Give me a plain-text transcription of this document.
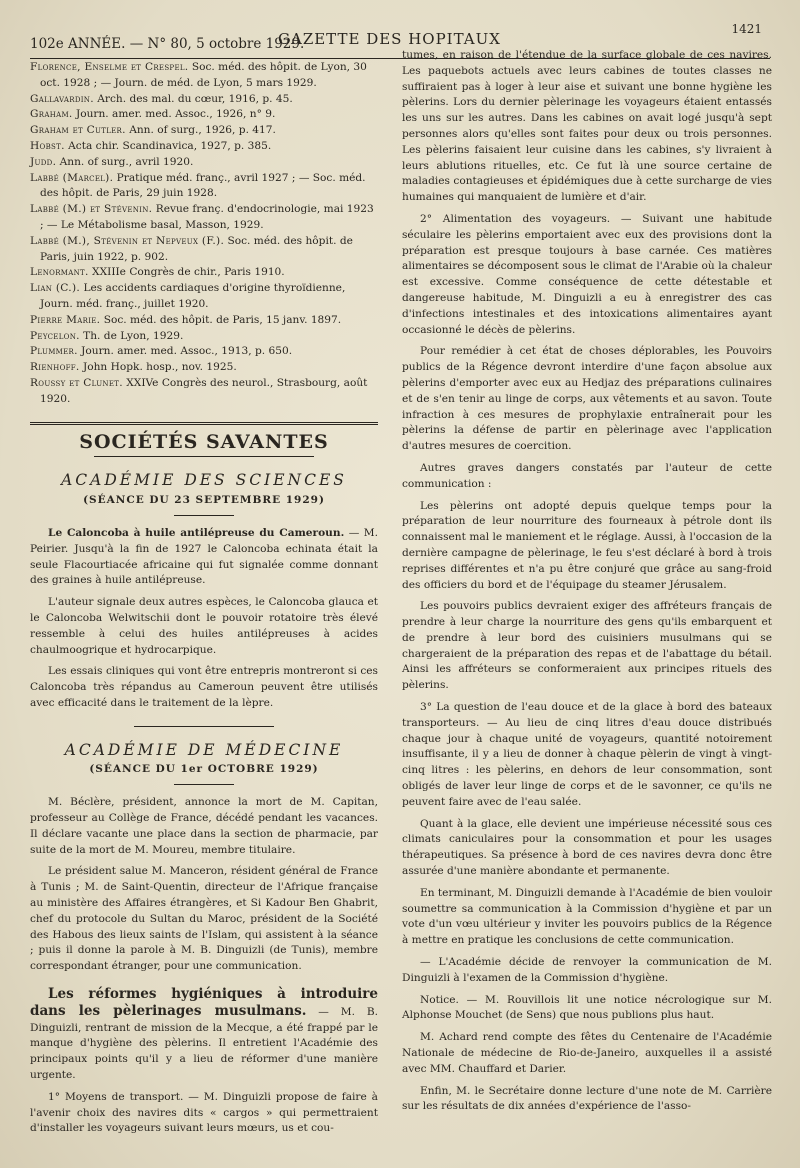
102e ANNÉE. — N° 80, 5 octobre 1929.
GAZETTE DES HOPITAUX
1421

Florence, Enselme et Crespel. Soc. méd. des hôpit. de Lyon, 30 oct. 1928 ; — Journ. de méd. de Lyon, 5 mars 1929.

Gallavardin. Arch. des mal. du cœur, 1916, p. 45.

Graham. Journ. amer. med. Assoc., 1926, n° 9.

Graham et Cutler. Ann. of surg., 1926, p. 417.

Hobst. Acta chir. Scandinavica, 1927, p. 385.

Judd. Ann. of surg., avril 1920.

Labbé (Marcel). Pratique méd. franç., avril 1927 ; — Soc. méd. des hôpit. de Paris, 29 juin 1928.

Labbé (M.) et Stévenin. Revue franç. d'endocrinologie, mai 1923 ; — Le Métabolisme basal, Masson, 1929.

Labbé (M.), Stévenin et Nepveux (F.). Soc. méd. des hôpit. de Paris, juin 1922, p. 902.

Lenormant. XXIIIe Congrès de chir., Paris 1910.

Lian (C.). Les accidents cardiaques d'origine thyroïdienne, Journ. méd. franç., juillet 1920.

Pierre Marie. Soc. méd. des hôpit. de Paris, 15 janv. 1897.

Peycelon. Th. de Lyon, 1929.

Plummer. Journ. amer. med. Assoc., 1913, p. 650.

Rienhoff. John Hopk. hosp., nov. 1925.

Roussy et Clunet. XXIVe Congrès des neurol., Strasbourg, août 1920.

SOCIÉTÉS SAVANTES
ACADÉMIE DES SCIENCES
(SÉANCE DU 23 SEPTEMBRE 1929)

Le Caloncoba à huile antilépreuse du Cameroun. — M. Peirier. Jusqu'à la fin de 1927 le Caloncoba echinata était la seule Flacourtiacée africaine qui fut signalée comme donnant des graines à huile antilépreuse.

L'auteur signale deux autres espèces, le Caloncoba glauca et le Caloncoba Welwitschii dont le pouvoir rotatoire très élevé ressemble à celui des huiles antilépreuses à acides chaulmoogrique et hydrocarpique.

Les essais cliniques qui vont être entrepris montreront si ces Caloncoba très répandus au Cameroun peuvent être utilisés avec efficacité dans le traitement de la lèpre.

ACADÉMIE DE MÉDECINE
(SÉANCE DU 1er OCTOBRE 1929)

M. Béclère, président, annonce la mort de M. Capitan, professeur au Collège de France, décédé pendant les vacances. Il déclare vacante une place dans la section de pharmacie, par suite de la mort de M. Moureu, membre titulaire.

Le président salue M. Manceron, résident général de France à Tunis ; M. de Saint-Quentin, directeur de l'Afrique française au ministère des Affaires étrangères, et Si Kadour Ben Ghabrit, chef du protocole du Sultan du Maroc, président de la Société des Habous des lieux saints de l'Islam, qui assistent à la séance ; puis il donne la parole à M. B. Dinguizli (de Tunis), membre correspondant étranger, pour une communication.

Les réformes hygiéniques à introduire dans les pèlerinages musulmans. — M. B. Dinguizli, rentrant de mission de la Mecque, a été frappé par le manque d'hygiène des pèlerins. Il entretient l'Académie des principaux points qu'il y a lieu de réformer d'une manière urgente.

1° Moyens de transport. — M. Dinguizli propose de faire à l'avenir choix des navires dits « cargos » qui permettraient d'installer les voyageurs suivant leurs mœurs, us et cou-

tumes, en raison de l'étendue de la surface globale de ces navires. Les paquebots actuels avec leurs cabines de toutes classes ne suffiraient pas à loger à leur aise et suivant une bonne hygiène les pèlerins. Lors du dernier pèlerinage les voyageurs étaient entassés les uns sur les autres. Dans les cabines on avait logé jusqu'à sept personnes alors qu'elles sont faites pour deux ou trois personnes. Les pèlerins faisaient leur cuisine dans les cabines, s'y livraient à leurs ablutions rituelles, etc. Ce fut là une source certaine de maladies contagieuses et épidémiques due à cette surcharge de vies humaines qui manquaient de lumière et d'air.

2° Alimentation des voyageurs. — Suivant une habitude séculaire les pèlerins emportaient avec eux des provisions dont la préparation est presque toujours à base carnée. Ces matières alimentaires se décomposent sous le climat de l'Arabie où la chaleur est excessive. Comme conséquence de cette détestable et dangereuse habitude, M. Dinguizli a eu à enregistrer des cas d'infections intestinales et des intoxications alimentaires ayant occasionné le décès de pèlerins.

Pour remédier à cet état de choses déplorables, les Pouvoirs publics de la Régence devront interdire d'une façon absolue aux pèlerins d'emporter avec eux au Hedjaz des préparations culinaires et de s'en tenir au linge de corps, aux vêtements et au savon. Toute infraction à ces mesures de prophylaxie entraînerait pour les pèlerins la défense de partir en pèlerinage avec l'application d'autres mesures de coercition.

Autres graves dangers constatés par l'auteur de cette communication :

Les pèlerins ont adopté depuis quelque temps pour la préparation de leur nourriture des fourneaux à pétrole dont ils connaissent mal le maniement et le réglage. Aussi, à l'occasion de la dernière campagne de pèlerinage, le feu s'est déclaré à bord à trois reprises différentes et n'a pu être conjuré que grâce au sang-froid des officiers du bord et de l'équipage du steamer Jérusalem.

Les pouvoirs publics devraient exiger des affréteurs français de prendre à leur charge la nourriture des gens qu'ils embarquent et de prendre à leur bord des cuisiniers musulmans qui se chargeraient de la préparation des repas et de l'abattage du bétail. Ainsi les affréteurs se conformeraient aux principes rituels des pèlerins.

3° La question de l'eau douce et de la glace à bord des bateaux transporteurs. — Au lieu de cinq litres d'eau douce distribués chaque jour à chaque unité de voyageurs, quantité notoirement insuffisante, il y a lieu de donner à chaque pèlerin de vingt à vingt-cinq litres : les pèlerins, en dehors de leur consommation, sont obligés de laver leur linge de corps et de le savonner, ce qu'ils ne peuvent faire avec de l'eau salée.

Quant à la glace, elle devient une impérieuse nécessité sous ces climats caniculaires pour la consommation et pour les usages thérapeutiques. Sa présence à bord de ces navires devra donc être assurée d'une manière abondante et permanente.

En terminant, M. Dinguizli demande à l'Académie de bien vouloir soumettre sa communication à la Commission d'hygiène et par un vote d'un vœu ultérieur y inviter les pouvoirs publics de la Régence à mettre en pratique les conclusions de cette communication.

— L'Académie décide de renvoyer la communication de M. Dinguizli à l'examen de la Commission d'hygiène.

Notice. — M. Rouvillois lit une notice nécrologique sur M. Alphonse Mouchet (de Sens) que nous publions plus haut.

M. Achard rend compte des fêtes du Centenaire de l'Académie Nationale de médecine de Rio-de-Janeiro, auxquelles il a assisté avec MM. Chauffard et Darier.

Enfin, M. le Secrétaire donne lecture d'une note de M. Carrière sur les résultats de dix années d'expérience de l'asso-
